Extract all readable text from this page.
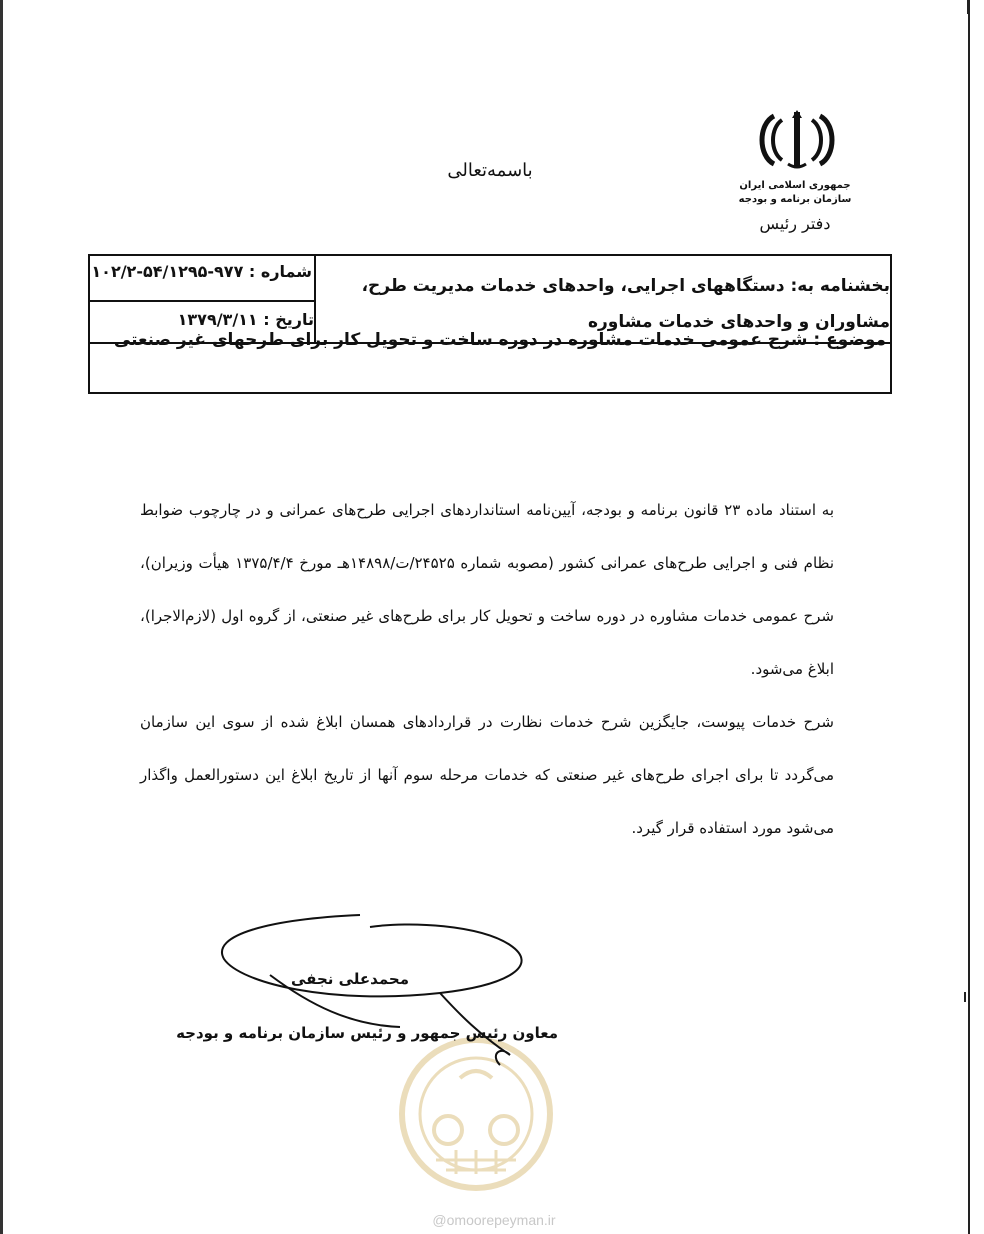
جمهوری اسلامی ایران
سازمان برنامه و بودجه
دفتر رئیس
باسمه‌تعالی
بخشنامه به: دستگاههای اجرایی، واحدهای خدمات مدیریت طرح،
مشاوران و واحدهای خدمات مشاوره
شماره : ۹۷۷-۵۴/۱۲۹۵-۱۰۲/۲
تاریخ : ۱۳۷۹/۳/۱۱
موضوع : شرح عمومی خدمات مشاوره در دوره ساخت و تحویل کار برای طرحهای غیر صنعتی

به استناد ماده ۲۳ قانون برنامه و بودجه، آیین‌نامه استانداردهای اجرایی طرح‌های عمرانی و در چارچوب ضوابط نظام فنی و اجرایی طرح‌های عمرانی کشور (مصوبه شماره ۲۴۵۲۵/ت/۱۴۸۹۸هـ مورخ ۱۳۷۵/۴/۴ هیأت وزیران)، شرح عمومی خدمات مشاوره در دوره ساخت و تحویل کار برای طرح‌های غیر صنعتی، از گروه اول (لازم‌الاجرا)، ابلاغ می‌شود.

شرح خدمات پیوست، جایگزین شرح خدمات نظارت در قراردادهای همسان ابلاغ شده از سوی این سازمان می‌گردد تا برای اجرای طرح‌های غیر صنعتی که خدمات مرحله سوم آنها از تاریخ ابلاغ این دستورالعمل واگذار می‌شود مورد استفاده قرار گیرد.

محمدعلی نجفی
معاون رئیس جمهور و رئیس سازمان برنامه و بودجه
@omoorepeyman.ir
